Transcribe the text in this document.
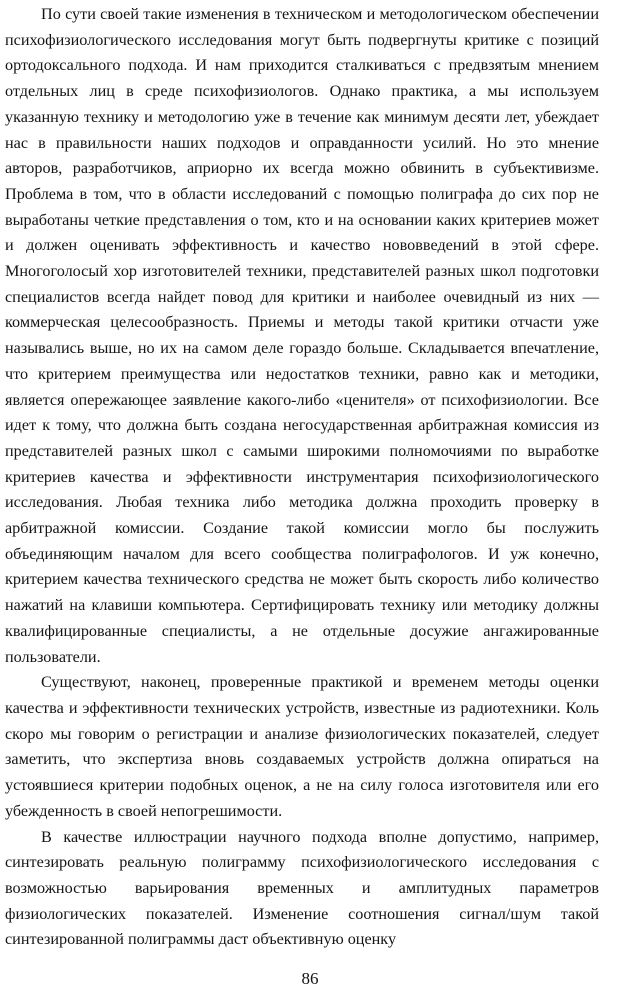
По сути своей такие изменения в техническом и методологическом обеспечении психофизиологического исследования могут быть подвергнуты критике с позиций ортодоксального подхода. И нам приходится сталкиваться с предвзятым мнением отдельных лиц в среде психофизиологов. Однако практика, а мы используем указанную технику и методологию уже в течение как минимум десяти лет, убеждает нас в правильности наших подходов и оправданности усилий. Но это мнение авторов, разработчиков, априорно их всегда можно обвинить в субъективизме. Проблема в том, что в области исследований с помощью полиграфа до сих пор не выработаны четкие представления о том, кто и на основании каких критериев может и должен оценивать эффективность и качество нововведений в этой сфере. Многоголосый хор изготовителей техники, представителей разных школ подготовки специалистов всегда найдет повод для критики и наиболее очевидный из них — коммерческая целесообразность. Приемы и методы такой критики отчасти уже назывались выше, но их на самом деле гораздо больше. Складывается впечатление, что критерием преимущества или недостатков техники, равно как и методики, является опережающее заявление какого-либо «ценителя» от психофизиологии. Все идет к тому, что должна быть создана негосударственная арбитражная комиссия из представителей разных школ с самыми широкими полномочиями по выработке критериев качества и эффективности инструментария психофизиологического исследования. Любая техника либо методика должна проходить проверку в арбитражной комиссии. Создание такой комиссии могло бы послужить объединяющим началом для всего сообщества полиграфологов. И уж конечно, критерием качества технического средства не может быть скорость либо количество нажатий на клавиши компьютера. Сертифицировать технику или методику должны квалифицированные специалисты, а не отдельные досужие ангажированные пользователи.

Существуют, наконец, проверенные практикой и временем методы оценки качества и эффективности технических устройств, известные из радиотехники. Коль скоро мы говорим о регистрации и анализе физиологических показателей, следует заметить, что экспертиза вновь создаваемых устройств должна опираться на устоявшиеся критерии подобных оценок, а не на силу голоса изготовителя или его убежденность в своей непогрешимости.

В качестве иллюстрации научного подхода вполне допустимо, например, синтезировать реальную полиграмму психофизиологического исследования с возможностью варьирования временных и амплитудных параметров физиологических показателей. Изменение соотношения сигнал/шум такой синтезированной полиграммы даст объективную оценку

86
